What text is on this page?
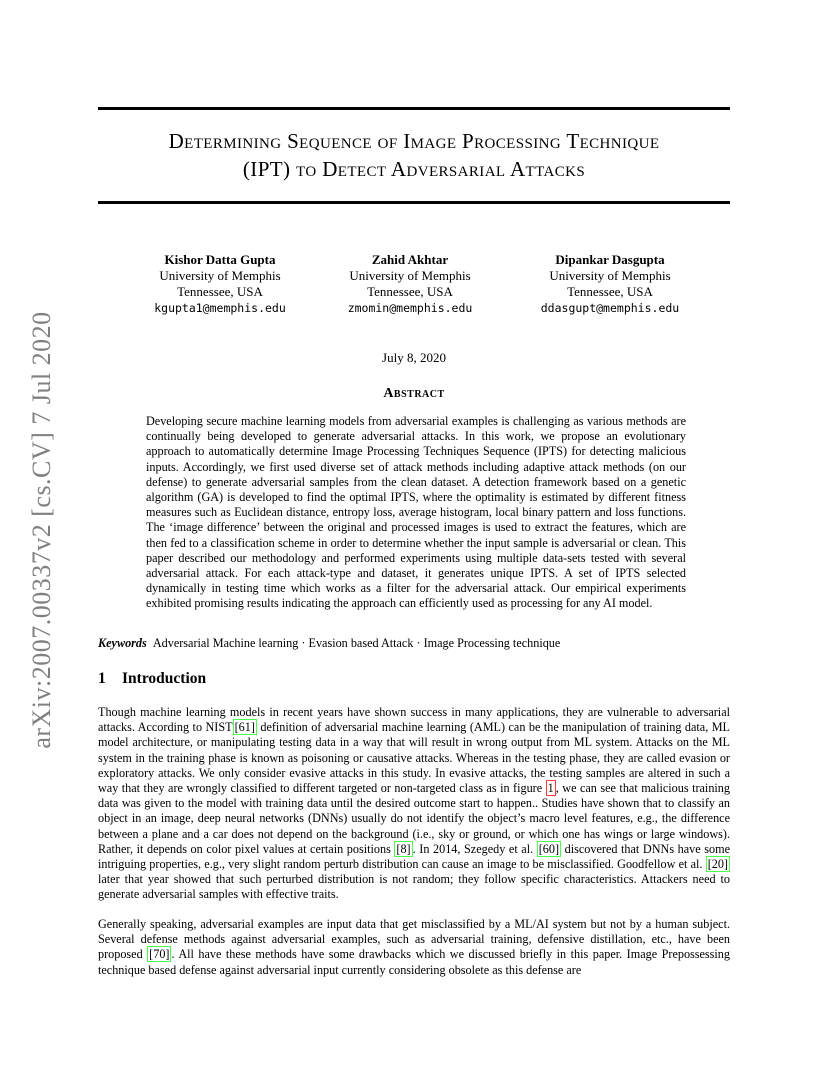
Determining Sequence of Image Processing Technique
(IPT) to Detect Adversarial Attacks
arXiv:2007.00337v2 [cs.CV] 7 Jul 2020
Kishor Datta Gupta
University of Memphis
Tennessee, USA
kgupta1@memphis.edu
Zahid Akhtar
University of Memphis
Tennessee, USA
zmomin@memphis.edu
Dipankar Dasgupta
University of Memphis
Tennessee, USA
ddasgupt@memphis.edu
July 8, 2020
Abstract
Developing secure machine learning models from adversarial examples is challenging as various methods are continually being developed to generate adversarial attacks. In this work, we propose an evolutionary approach to automatically determine Image Processing Techniques Sequence (IPTS) for detecting malicious inputs. Accordingly, we first used diverse set of attack methods including adaptive attack methods (on our defense) to generate adversarial samples from the clean dataset. A detection framework based on a genetic algorithm (GA) is developed to find the optimal IPTS, where the optimality is estimated by different fitness measures such as Euclidean distance, entropy loss, average histogram, local binary pattern and loss functions. The ‘image difference’ between the original and processed images is used to extract the features, which are then fed to a classification scheme in order to determine whether the input sample is adversarial or clean. This paper described our methodology and performed experiments using multiple data-sets tested with several adversarial attack. For each attack-type and dataset, it generates unique IPTS. A set of IPTS selected dynamically in testing time which works as a filter for the adversarial attack. Our empirical experiments exhibited promising results indicating the approach can efficiently used as processing for any AI model.
Keywords Adversarial Machine learning · Evasion based Attack · Image Processing technique
1 Introduction
Though machine learning models in recent years have shown success in many applications, they are vulnerable to adversarial attacks. According to NIST [61] definition of adversarial machine learning (AML) can be the manipulation of training data, ML model architecture, or manipulating testing data in a way that will result in wrong output from ML system. Attacks on the ML system in the training phase is known as poisoning or causative attacks. Whereas in the testing phase, they are called evasion or exploratory attacks. We only consider evasive attacks in this study. In evasive attacks, the testing samples are altered in such a way that they are wrongly classified to different targeted or non-targeted class as in figure 1 , we can see that malicious training data was given to the model with training data until the desired outcome start to happen.. Studies have shown that to classify an object in an image, deep neural networks (DNNs) usually do not identify the object’s macro level features, e.g., the difference between a plane and a car does not depend on the background (i.e., sky or ground, or which one has wings or large windows). Rather, it depends on color pixel values at certain positions [8] . In 2014, Szegedy et al. [60] discovered that DNNs have some intriguing properties, e.g., very slight random perturb distribution can cause an image to be misclassified. Goodfellow et al. [20] later that year showed that such perturbed distribution is not random; they follow specific characteristics. Attackers need to generate adversarial samples with effective traits.
Generally speaking, adversarial examples are input data that get misclassified by a ML/AI system but not by a human subject. Several defense methods against adversarial examples, such as adversarial training, defensive distillation, etc., have been proposed [70] . All have these methods have some drawbacks which we discussed briefly in this paper. Image Prepossessing technique based defense against adversarial input currently considering obsolete as this defense are
